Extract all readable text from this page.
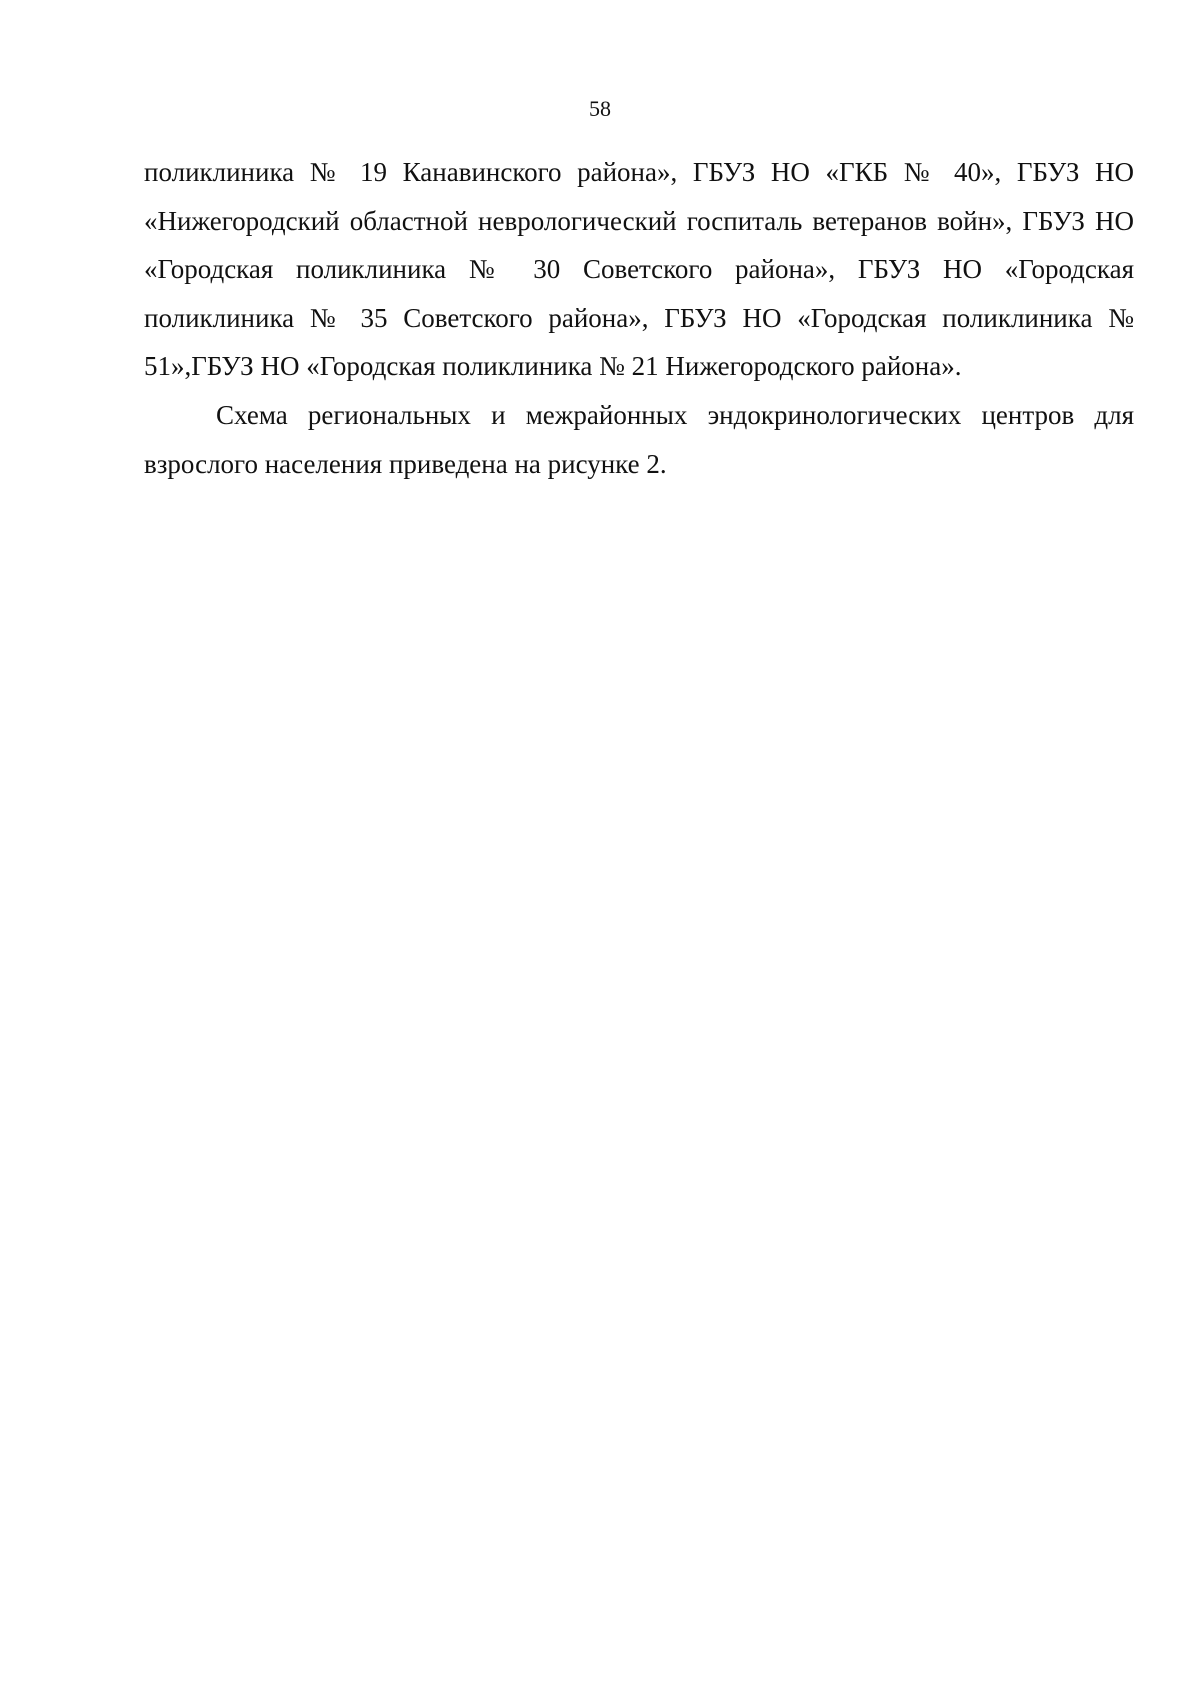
58

поликлиника № 19 Канавинского района», ГБУЗ НО «ГКБ № 40», ГБУЗ НО «Нижегородский областной неврологический госпиталь ветеранов войн», ГБУЗ НО «Городская поликлиника № 30 Советского района», ГБУЗ НО «Городская поликлиника № 35 Советского района», ГБУЗ НО «Городская поликлиника № 51»,ГБУЗ НО «Городская поликлиника № 21 Нижегородского района».

Схема региональных и межрайонных эндокринологических центров для взрослого населения приведена на рисунке 2.
